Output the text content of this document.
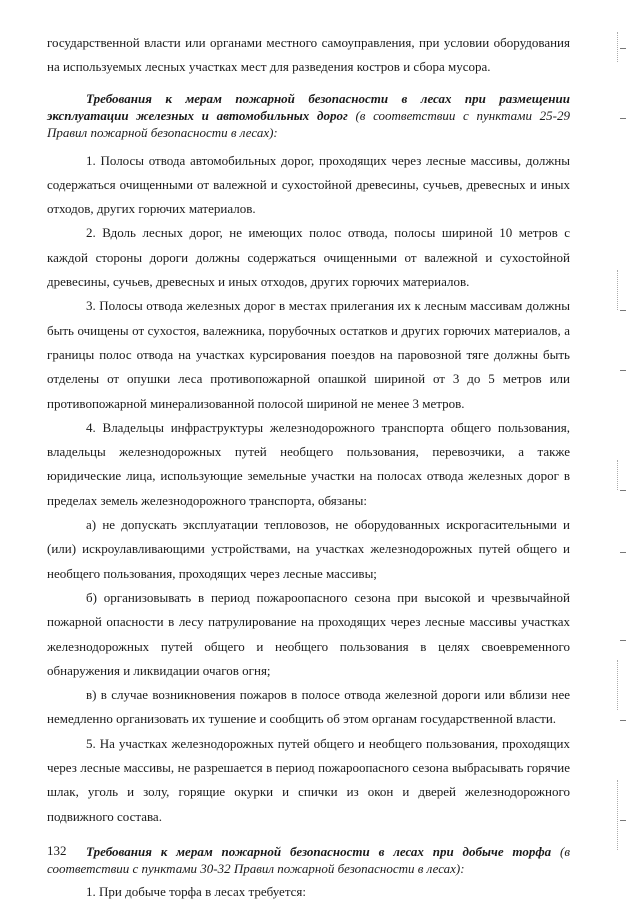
государственной власти или органами местного самоуправления, при условии оборудования на используемых лесных участках мест для разведения костров и сбора мусора.

Требования к мерам пожарной безопасности в лесах при размещении эксплуатации железных и автомобильных дорог (в соответствии с пунктами 25-29 Правил пожарной безопасности в лесах):

1. Полосы отвода автомобильных дорог, проходящих через лесные массивы, должны содержаться очищенными от валежной и сухостойной древесины, сучьев, древесных и иных отходов, других горючих материалов.

2. Вдоль лесных дорог, не имеющих полос отвода, полосы шириной 10 метров с каждой стороны дороги должны содержаться очищенными от валежной и сухостойной древесины, сучьев, древесных и иных отходов, других горючих материалов.

3. Полосы отвода железных дорог в местах прилегания их к лесным массивам должны быть очищены от сухостоя, валежника, порубочных остатков и других горючих материалов, а границы полос отвода на участках курсирования поездов на паровозной тяге должны быть отделены от опушки леса противопожарной опашкой шириной от 3 до 5 метров или противопожарной минерализованной полосой шириной не менее 3 метров.

4. Владельцы инфраструктуры железнодорожного транспорта общего пользования, владельцы железнодорожных путей необщего пользования, перевозчики, а также юридические лица, использующие земельные участки на полосах отвода железных дорог в пределах земель железнодорожного транспорта, обязаны:

а) не допускать эксплуатации тепловозов, не оборудованных искрогасительными и (или) искроулавливающими устройствами, на участках железнодорожных путей общего и необщего пользования, проходящих через лесные массивы;

б) организовывать в период пожароопасного сезона при высокой и чрезвычайной пожарной опасности в лесу патрулирование на проходящих через лесные массивы участках железнодорожных путей общего и необщего пользования в целях своевременного обнаружения и ликвидации очагов огня;

в) в случае возникновения пожаров в полосе отвода железной дороги или вблизи нее немедленно организовать их тушение и сообщить об этом органам государственной власти.

5. На участках железнодорожных путей общего и необщего пользования, проходящих через лесные массивы, не разрешается в период пожароопасного сезона выбрасывать горячие шлак, уголь и золу, горящие окурки и спички из окон и дверей железнодорожного подвижного состава.

Требования к мерам пожарной безопасности в лесах при добыче торфа (в соответствии с пунктами 30-32 Правил пожарной безопасности в лесах):

1. При добыче торфа в лесах требуется:

132
